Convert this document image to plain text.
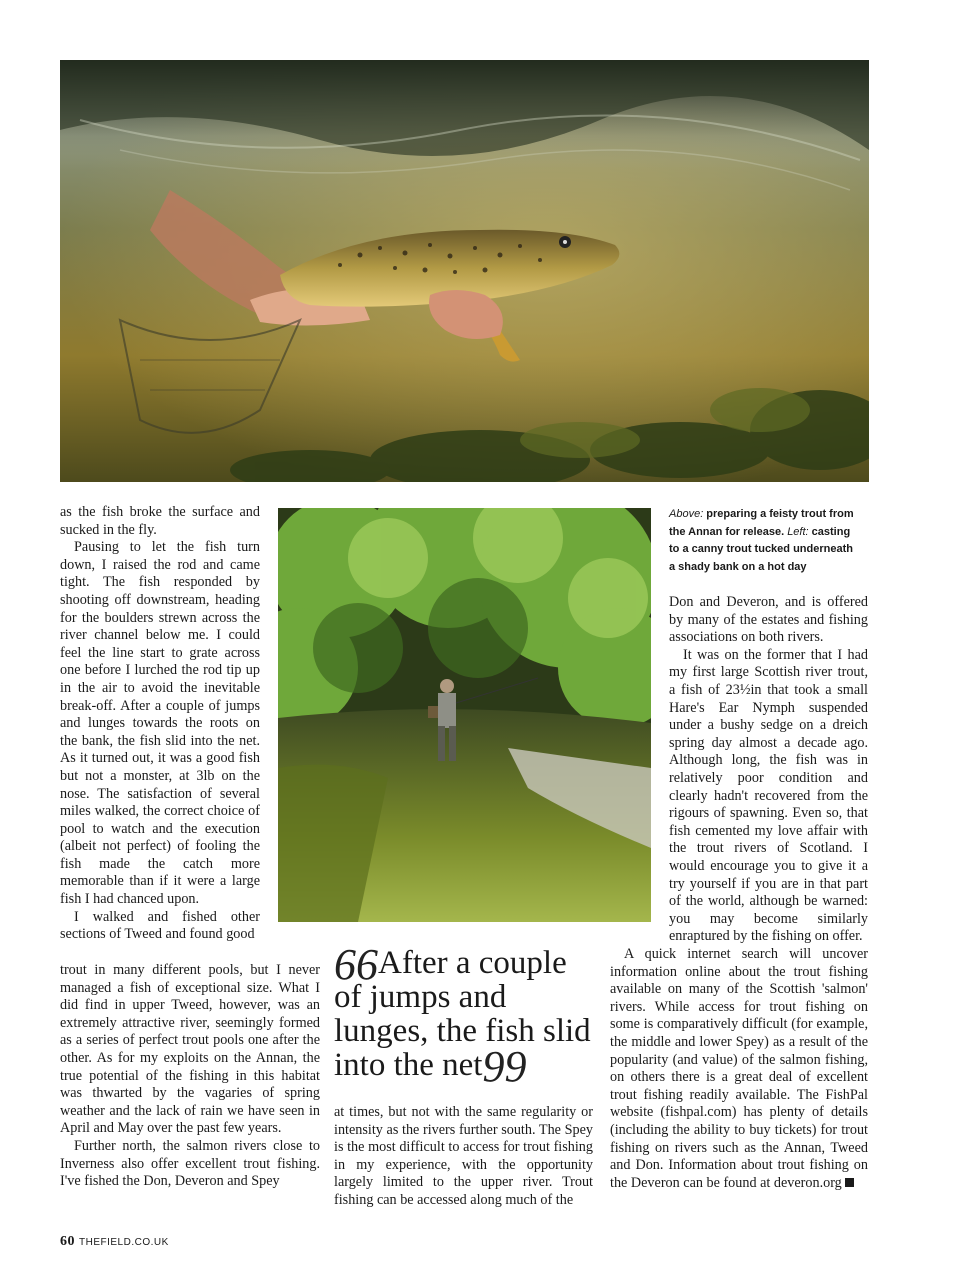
as the fish broke the surface and sucked in the fly.

Pausing to let the fish turn down, I raised the rod and came tight. The fish responded by shooting off downstream, heading for the boulders strewn across the river channel below me. I could feel the line start to grate across one before I lurched the rod tip up in the air to avoid the inevitable break-off. After a couple of jumps and lunges towards the roots on the bank, the fish slid into the net. As it turned out, it was a good fish but not a monster, at 3lb on the nose. The satisfaction of several miles walked, the correct choice of pool to watch and the execution (albeit not perfect) of fooling the fish made the catch more memorable than if it were a large fish I had chanced upon.

I walked and fished other sections of Tweed and found good

trout in many different pools, but I never managed a fish of exceptional size. What I did find in upper Tweed, however, was an extremely attractive river, seemingly formed as a series of perfect trout pools one after the other. As for my exploits on the Annan, the true potential of the fishing in this habitat was thwarted by the vagaries of spring weather and the lack of rain we have seen in April and May over the past few years.

Further north, the salmon rivers close to Inverness also offer excellent trout fishing. I've fished the Don, Deveron and Spey

66After a couple of jumps and lunges, the fish slid into the net99

at times, but not with the same regularity or intensity as the rivers further south. The Spey is the most difficult to access for trout fishing in my experience, with the opportunity largely limited to the upper river. Trout fishing can be accessed along much of the

Above: preparing a feisty trout from the Annan for release. Left: casting to a canny trout tucked underneath a shady bank on a hot day

Don and Deveron, and is offered by many of the estates and fishing associations on both rivers.

It was on the former that I had my first large Scottish river trout, a fish of 23½in that took a small Hare's Ear Nymph suspended under a bushy sedge on a dreich spring day almost a decade ago. Although long, the fish was in relatively poor condition and clearly hadn't recovered from the rigours of spawning. Even so, that fish cemented my love affair with the trout rivers of Scotland. I would encourage you to give it a try yourself if you are in that part of the world, although be warned: you may become similarly enraptured by the fishing on offer.

A quick internet search will uncover information online about the trout fishing available on many of the Scottish 'salmon' rivers. While access for trout fishing on some is comparatively difficult (for example, the middle and lower Spey) as a result of the popularity (and value) of the salmon fishing, on others there is a great deal of excellent trout fishing readily available. The FishPal website (fishpal.com) has plenty of details (including the ability to buy tickets) for trout fishing on rivers such as the Annan, Tweed and Don. Information about trout fishing on the Deveron can be found at deveron.org

60 THEFIELD.CO.UK
